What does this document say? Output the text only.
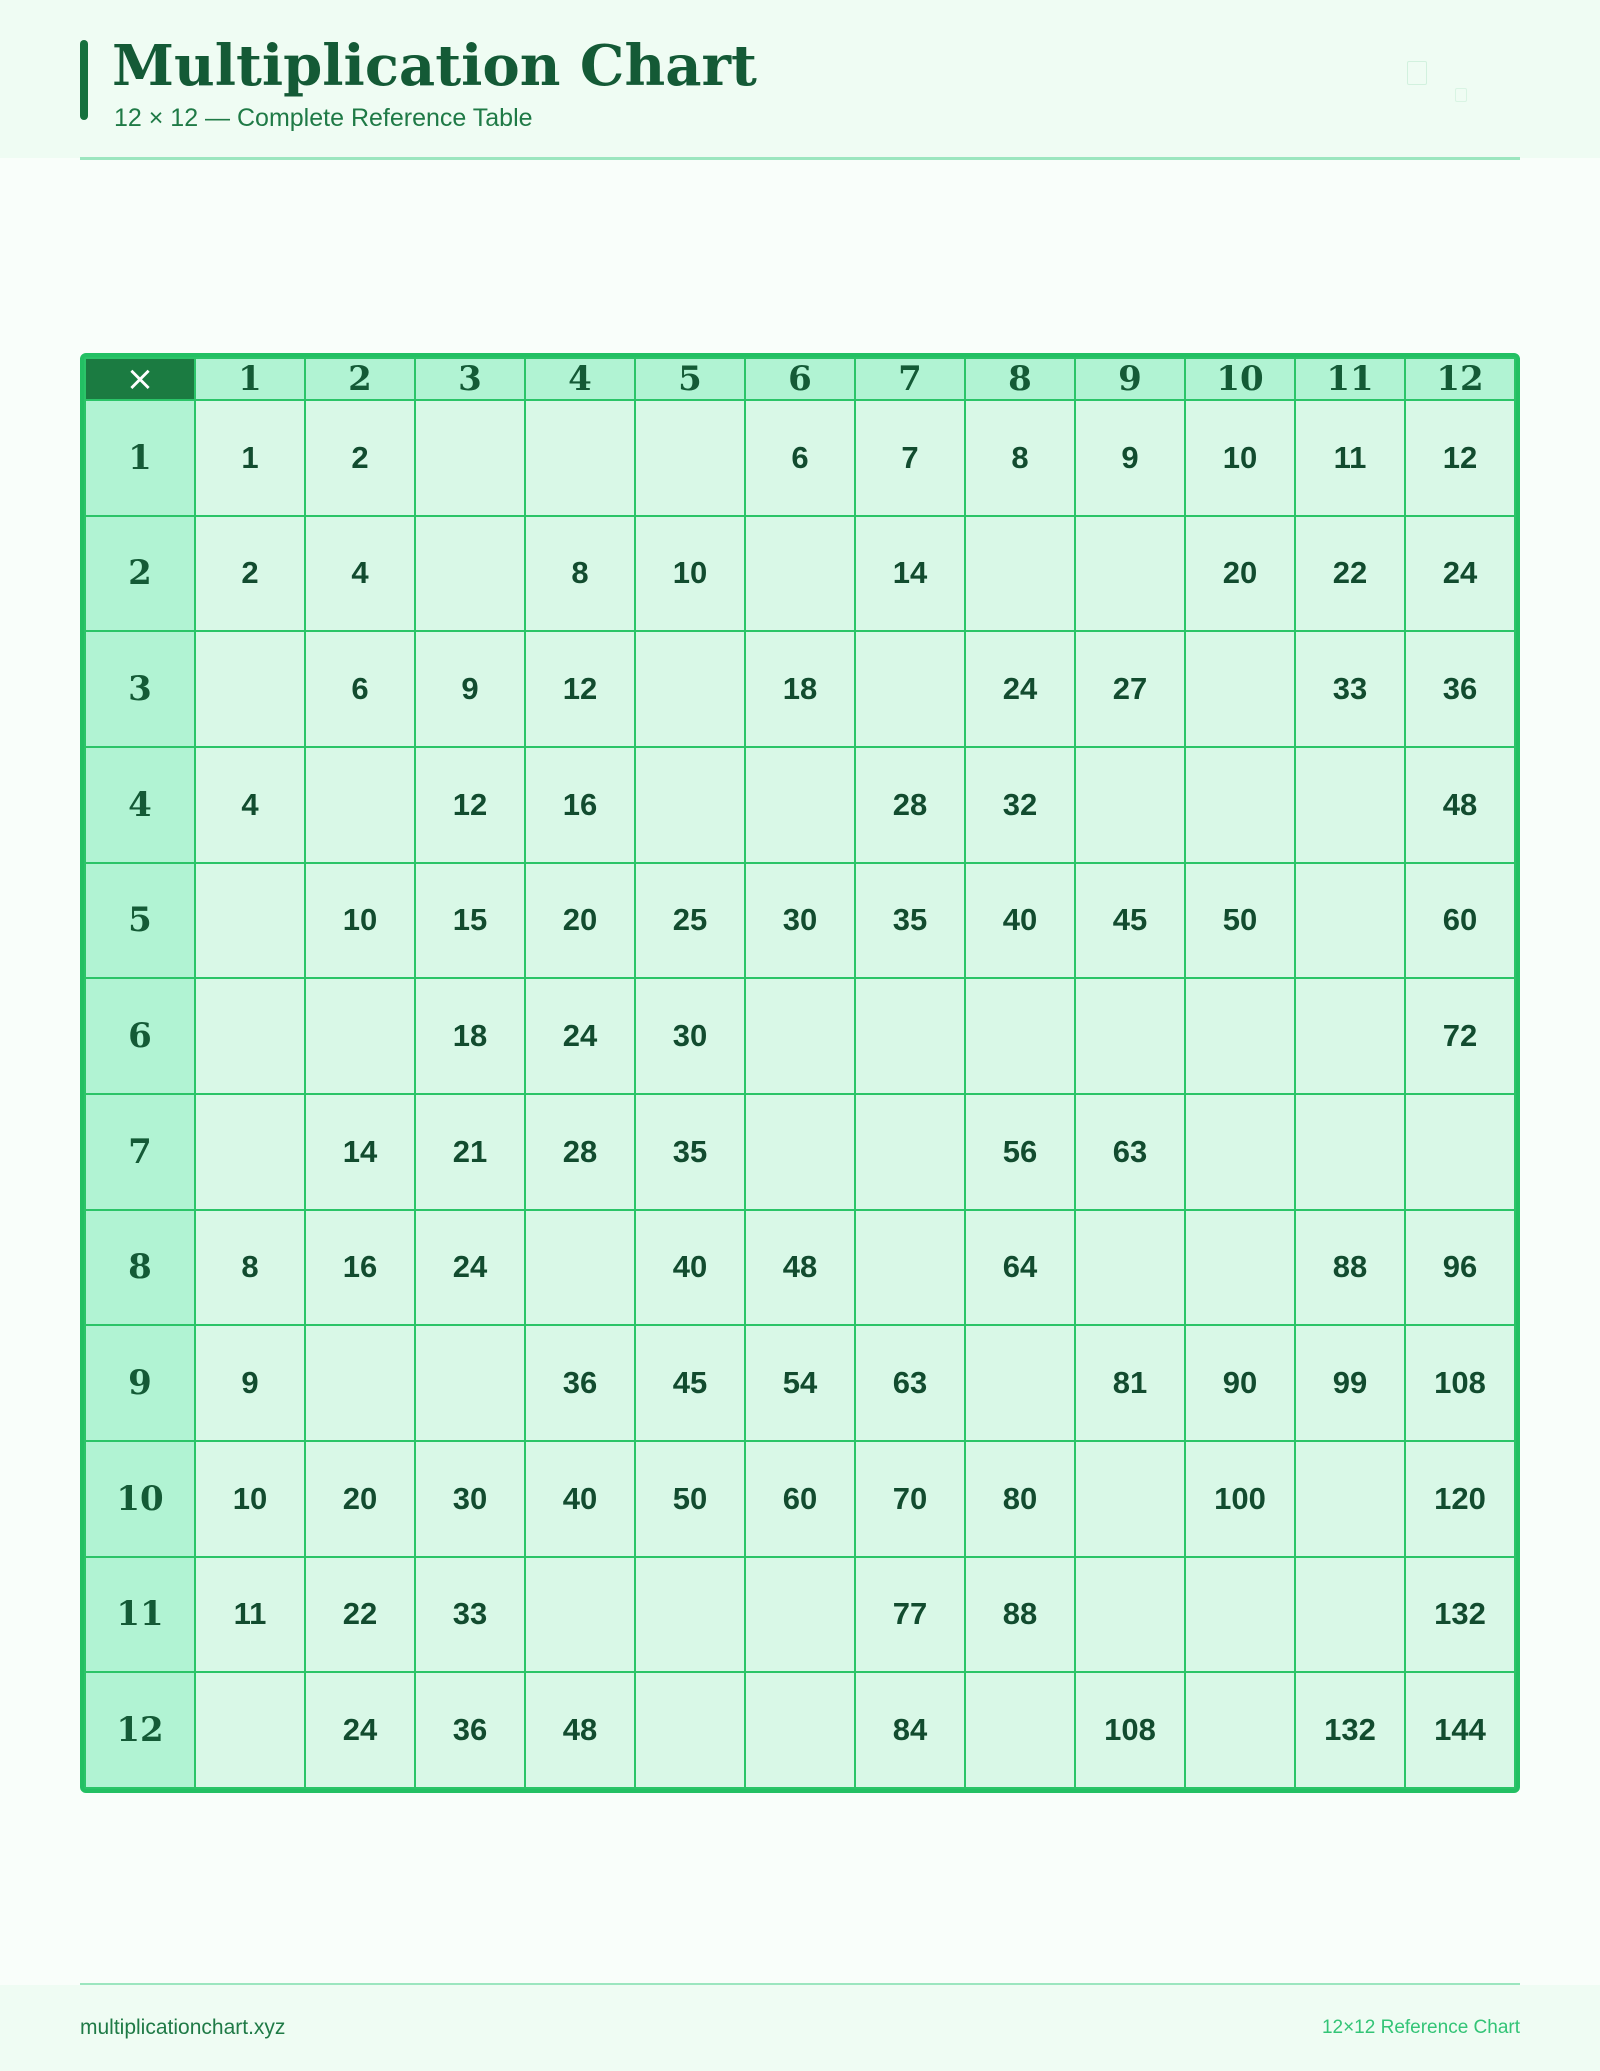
Multiplication Chart
12 × 12 — Complete Reference Table
×	1	2	3	4	5	6	7	8	9	10	11	12
1	1	2				6	7	8	9	10	11	12
2	2	4		8	10		14			20	22	24
3		6	9	12		18		24	27		33	36
4	4		12	16			28	32				48
5		10	15	20	25	30	35	40	45	50		60
6			18	24	30							72
7		14	21	28	35			56	63			
8	8	16	24		40	48		64			88	96
9	9			36	45	54	63		81	90	99	108
10	10	20	30	40	50	60	70	80		100		120
11	11	22	33				77	88				132
12		24	36	48			84		108		132	144
multiplicationchart.xyz	12×12 Reference Chart
